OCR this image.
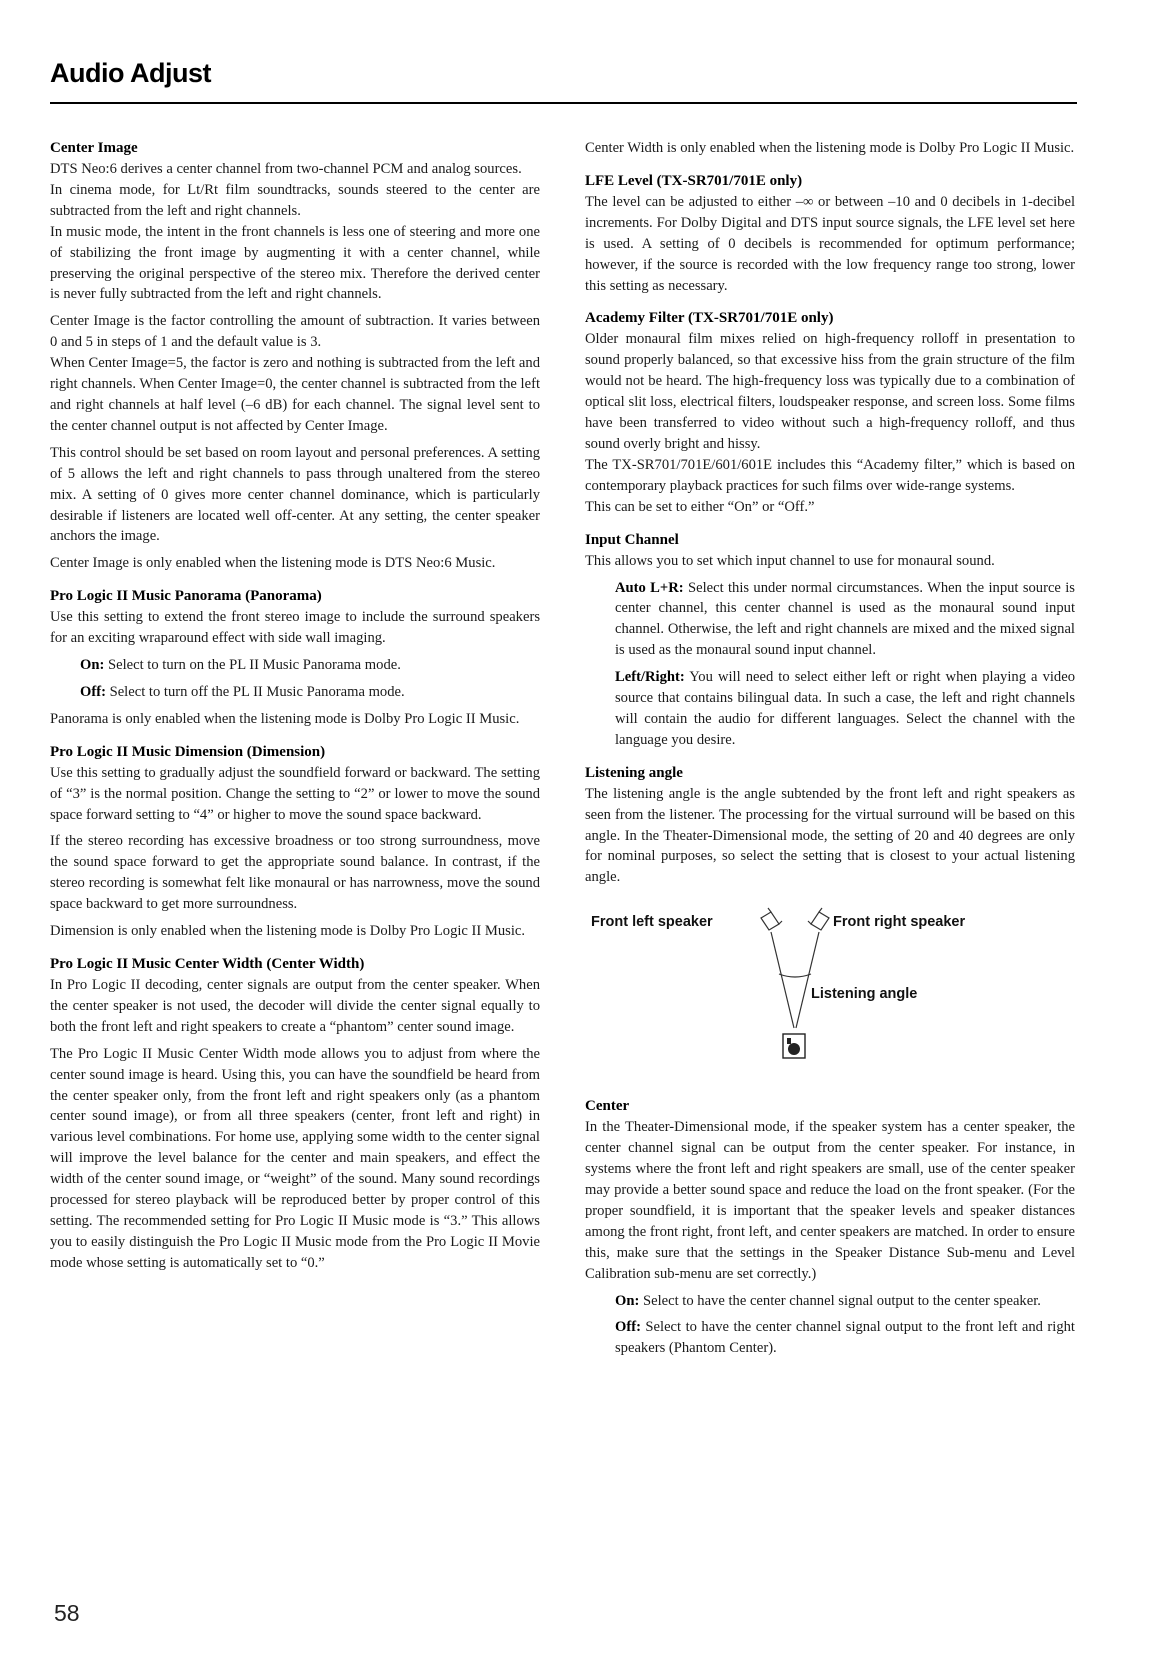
Audio Adjust
Center Image

DTS Neo:6 derives a center channel from two-channel PCM and analog sources.

In cinema mode, for Lt/Rt film soundtracks, sounds steered to the center are subtracted from the left and right channels.

In music mode, the intent in the front channels is less one of steering and more one of stabilizing the front image by augmenting it with a center channel, while preserving the original perspective of the stereo mix. Therefore the derived center is never fully subtracted from the left and right channels.

Center Image is the factor controlling the amount of subtraction. It varies between 0 and 5 in steps of 1 and the default value is 3.

When Center Image=5, the factor is zero and nothing is subtracted from the left and right channels. When Center Image=0, the center channel is subtracted from the left and right channels at half level (–6 dB) for each channel. The signal level sent to the center channel output is not affected by Center Image.

This control should be set based on room layout and personal preferences. A setting of 5 allows the left and right channels to pass through unaltered from the stereo mix. A setting of 0 gives more center channel dominance, which is particularly desirable if listeners are located well off-center. At any setting, the center speaker anchors the image.

Center Image is only enabled when the listening mode is DTS Neo:6 Music.

Pro Logic II Music Panorama (Panorama)

Use this setting to extend the front stereo image to include the surround speakers for an exciting wraparound effect with side wall imaging.

On: Select to turn on the PL II Music Panorama mode.

Off: Select to turn off the PL II Music Panorama mode.

Panorama is only enabled when the listening mode is Dolby Pro Logic II Music.

Pro Logic II Music Dimension (Dimension)

Use this setting to gradually adjust the soundfield forward or backward. The setting of “3” is the normal position. Change the setting to “2” or lower to move the sound space forward setting to “4” or higher to move the sound space backward.

If the stereo recording has excessive broadness or too strong surroundness, move the sound space forward to get the appropriate sound balance. In contrast, if the stereo recording is somewhat felt like monaural or has narrowness, move the sound space backward to get more surroundness.

Dimension is only enabled when the listening mode is Dolby Pro Logic II Music.

Pro Logic II Music Center Width (Center Width)

In Pro Logic II decoding, center signals are output from the center speaker. When the center speaker is not used, the decoder will divide the center signal equally to both the front left and right speakers to create a “phantom” center sound image.

The Pro Logic II Music Center Width mode allows you to adjust from where the center sound image is heard. Using this, you can have the soundfield be heard from the center speaker only, from the front left and right speakers only (as a phantom center sound image), or from all three speakers (center, front left and right) in various level combinations. For home use, applying some width to the center signal will improve the level balance for the center and main speakers, and effect the width of the center sound image, or “weight” of the sound. Many sound recordings processed for stereo playback will be reproduced better by proper control of this setting. The recommended setting for Pro Logic II Music mode is “3.” This allows you to easily distinguish the Pro Logic II Music mode from the Pro Logic II Movie mode whose setting is automatically set to “0.”

Center Width is only enabled when the listening mode is Dolby Pro Logic II Music.

LFE Level (TX-SR701/701E only)

The level can be adjusted to either –∞ or between –10 and 0 decibels in 1-decibel increments. For Dolby Digital and DTS input source signals, the LFE level set here is used. A setting of 0 decibels is recommended for optimum performance; however, if the source is recorded with the low frequency range too strong, lower this setting as necessary.

Academy Filter (TX-SR701/701E only)

Older monaural film mixes relied on high-frequency rolloff in presentation to sound properly balanced, so that excessive hiss from the grain structure of the film would not be heard. The high-frequency loss was typically due to a combination of optical slit loss, electrical filters, loudspeaker response, and screen loss. Some films have been transferred to video without such a high-frequency rolloff, and thus sound overly bright and hissy.

The TX-SR701/701E/601/601E includes this “Academy filter,” which is based on contemporary playback practices for such films over wide-range systems.

This can be set to either “On” or “Off.”

Input Channel

This allows you to set which input channel to use for monaural sound.

Auto L+R: Select this under normal circumstances. When the input source is center channel, this center channel is used as the monaural sound input channel. Otherwise, the left and right channels are mixed and the mixed signal is used as the monaural sound input channel.

Left/Right: You will need to select either left or right when playing a video source that contains bilingual data. In such a case, the left and right channels will contain the audio for different languages. Select the channel with the language you desire.

Listening angle

The listening angle is the angle subtended by the front left and right speakers as seen from the listener. The processing for the virtual surround will be based on this angle. In the Theater-Dimensional mode, the setting of 20 and 40 degrees are only for nominal purposes, so select the setting that is closest to your actual listening angle.

Front left speaker	Front right speaker
Listening angle
Center

In the Theater-Dimensional mode, if the speaker system has a center speaker, the center channel signal can be output from the center speaker. For instance, in systems where the front left and right speakers are small, use of the center speaker may provide a better sound space and reduce the load on the front speaker. (For the proper soundfield, it is important that the speaker levels and speaker distances among the front right, front left, and center speakers are matched. In order to ensure this, make sure that the settings in the Speaker Distance Sub-menu and Level Calibration sub-menu are set correctly.)

On: Select to have the center channel signal output to the center speaker.

Off: Select to have the center channel signal output to the front left and right speakers (Phantom Center).

58
